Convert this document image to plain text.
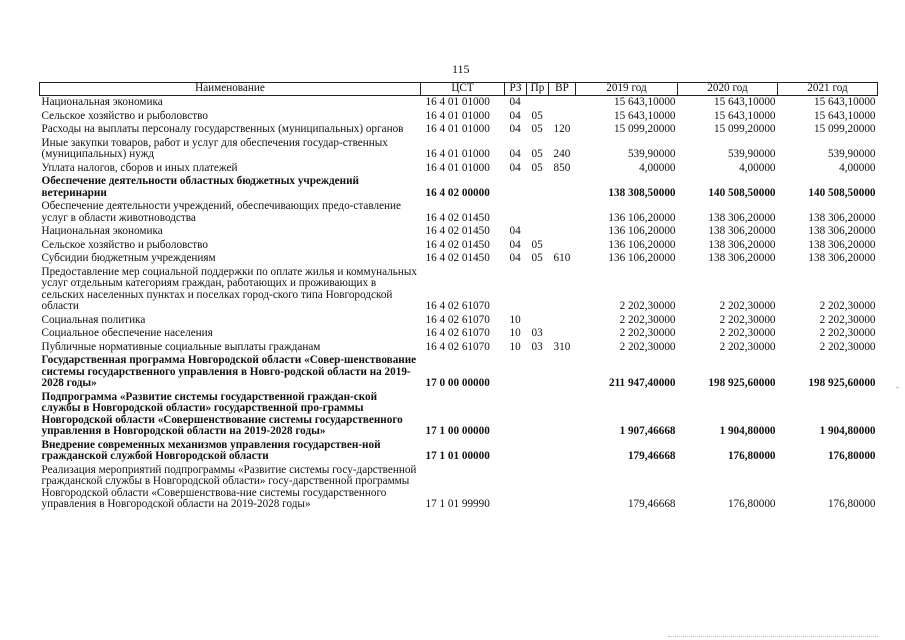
115
Наименование	ЦСТ	РЗ	Пр	ВР	2019 год	2020 год	2021 год
Национальная экономика	16 4 01 01000	04			15 643,10000	15 643,10000	15 643,10000
Сельское хозяйство и рыболовство	16 4 01 01000	04	05		15 643,10000	15 643,10000	15 643,10000
Расходы на выплаты персоналу государственных (муниципальных) органов	16 4 01 01000	04	05	120	15 099,20000	15 099,20000	15 099,20000
Иные закупки товаров, работ и услуг для обеспечения государ-ственных (муниципальных) нужд	16 4 01 01000	04	05	240	539,90000	539,90000	539,90000
Уплата налогов, сборов и иных платежей	16 4 01 01000	04	05	850	4,00000	4,00000	4,00000
Обеспечение деятельности областных бюджетных учреждений ветеринарии	16 4 02 00000				138 308,50000	140 508,50000	140 508,50000
Обеспечение деятельности учреждений, обеспечивающих предо-ставление услуг в области животноводства	16 4 02 01450				136 106,20000	138 306,20000	138 306,20000
Национальная экономика	16 4 02 01450	04			136 106,20000	138 306,20000	138 306,20000
Сельское хозяйство и рыболовство	16 4 02 01450	04	05		136 106,20000	138 306,20000	138 306,20000
Субсидии бюджетным учреждениям	16 4 02 01450	04	05	610	136 106,20000	138 306,20000	138 306,20000
Предоставление мер социальной поддержки по оплате жилья и коммунальных услуг отдельным категориям граждан, работающих и проживающих в сельских населенных пунктах и поселках город-ского типа Новгородской области	16 4 02 61070				2 202,30000	2 202,30000	2 202,30000
Социальная политика	16 4 02 61070	10			2 202,30000	2 202,30000	2 202,30000
Социальное обеспечение населения	16 4 02 61070	10	03		2 202,30000	2 202,30000	2 202,30000
Публичные нормативные социальные выплаты гражданам	16 4 02 61070	10	03	310	2 202,30000	2 202,30000	2 202,30000
Государственная программа Новгородской области «Совер-шенствование системы государственного управления в Новго-родской области на 2019-2028 годы»	17 0 00 00000				211 947,40000	198 925,60000	198 925,60000
Подпрограмма «Развитие системы государственной граждан-ской службы в Новгородской области» государственной про-граммы Новгородской области «Совершенствование системы государственного управления в Новгородской области на 2019-2028 годы»	17 1 00 00000				1 907,46668	1 904,80000	1 904,80000
Внедрение современных механизмов управления государствен-ной гражданской службой Новгородской области	17 1 01 00000				179,46668	176,80000	176,80000
Реализация мероприятий подпрограммы «Развитие системы госу-дарственной гражданской службы в Новгородской области» госу-дарственной программы Новгородской области «Совершенствова-ние системы государственного управления в Новгородской области на 2019-2028 годы»	17 1 01 99990				179,46668	176,80000	176,80000
-
